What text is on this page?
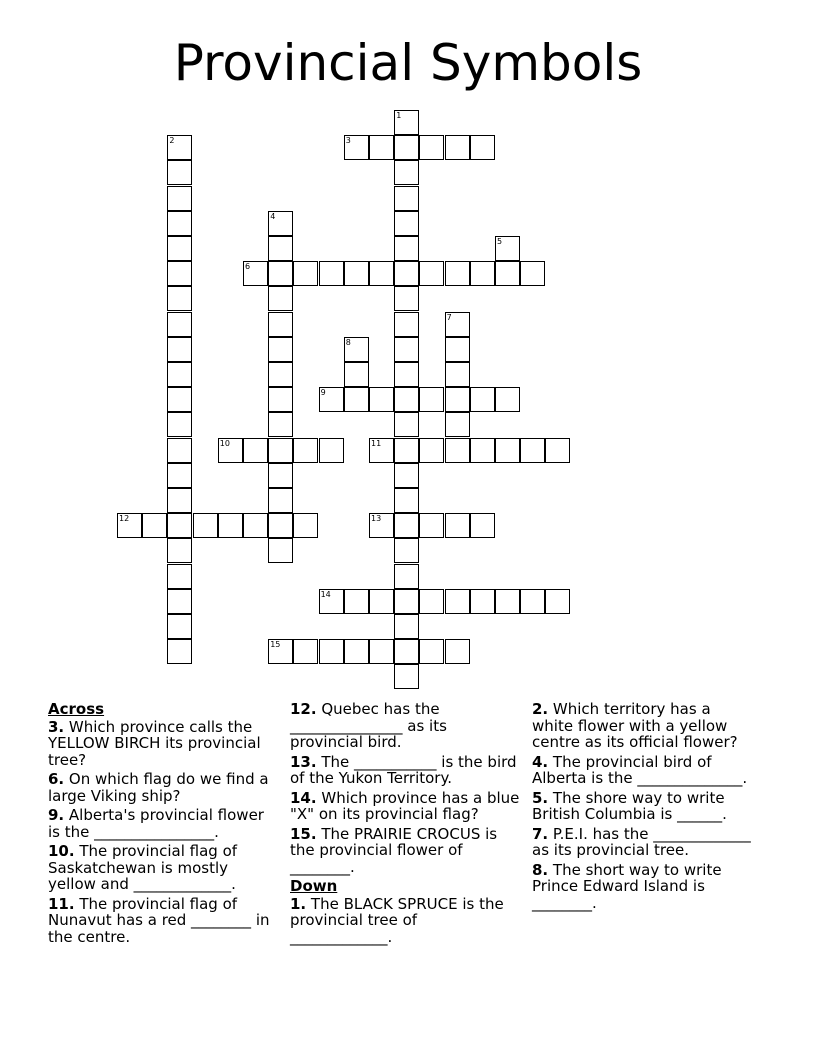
Provincial Symbols
3
6
9
10	11
12	13
14
15
1
2
4
5
7
8
Across
3. Which province calls the YELLOW BIRCH its provincial tree?
6. On which flag do we find a large Viking ship?
9. Alberta's provincial flower is the ________________.
10. The provincial flag of Saskatchewan is mostly yellow and _____________.
11. The provincial flag of Nunavut has a red ________ in the centre.
12. Quebec has the _______________ as its provincial bird.
13. The ___________ is the bird of the Yukon Territory.
14. Which province has a blue "X" on its provincial flag?
15. The PRAIRIE CROCUS is the provincial flower of ________.
Down
1. The BLACK SPRUCE is the provincial tree of _____________.
2. Which territory has a white flower with a yellow centre as its official flower?
4. The provincial bird of Alberta is the ______________.
5. The shore way to write British Columbia is ______.
7. P.E.I. has the _____________ as its provincial tree.
8. The short way to write Prince Edward Island is ________.
